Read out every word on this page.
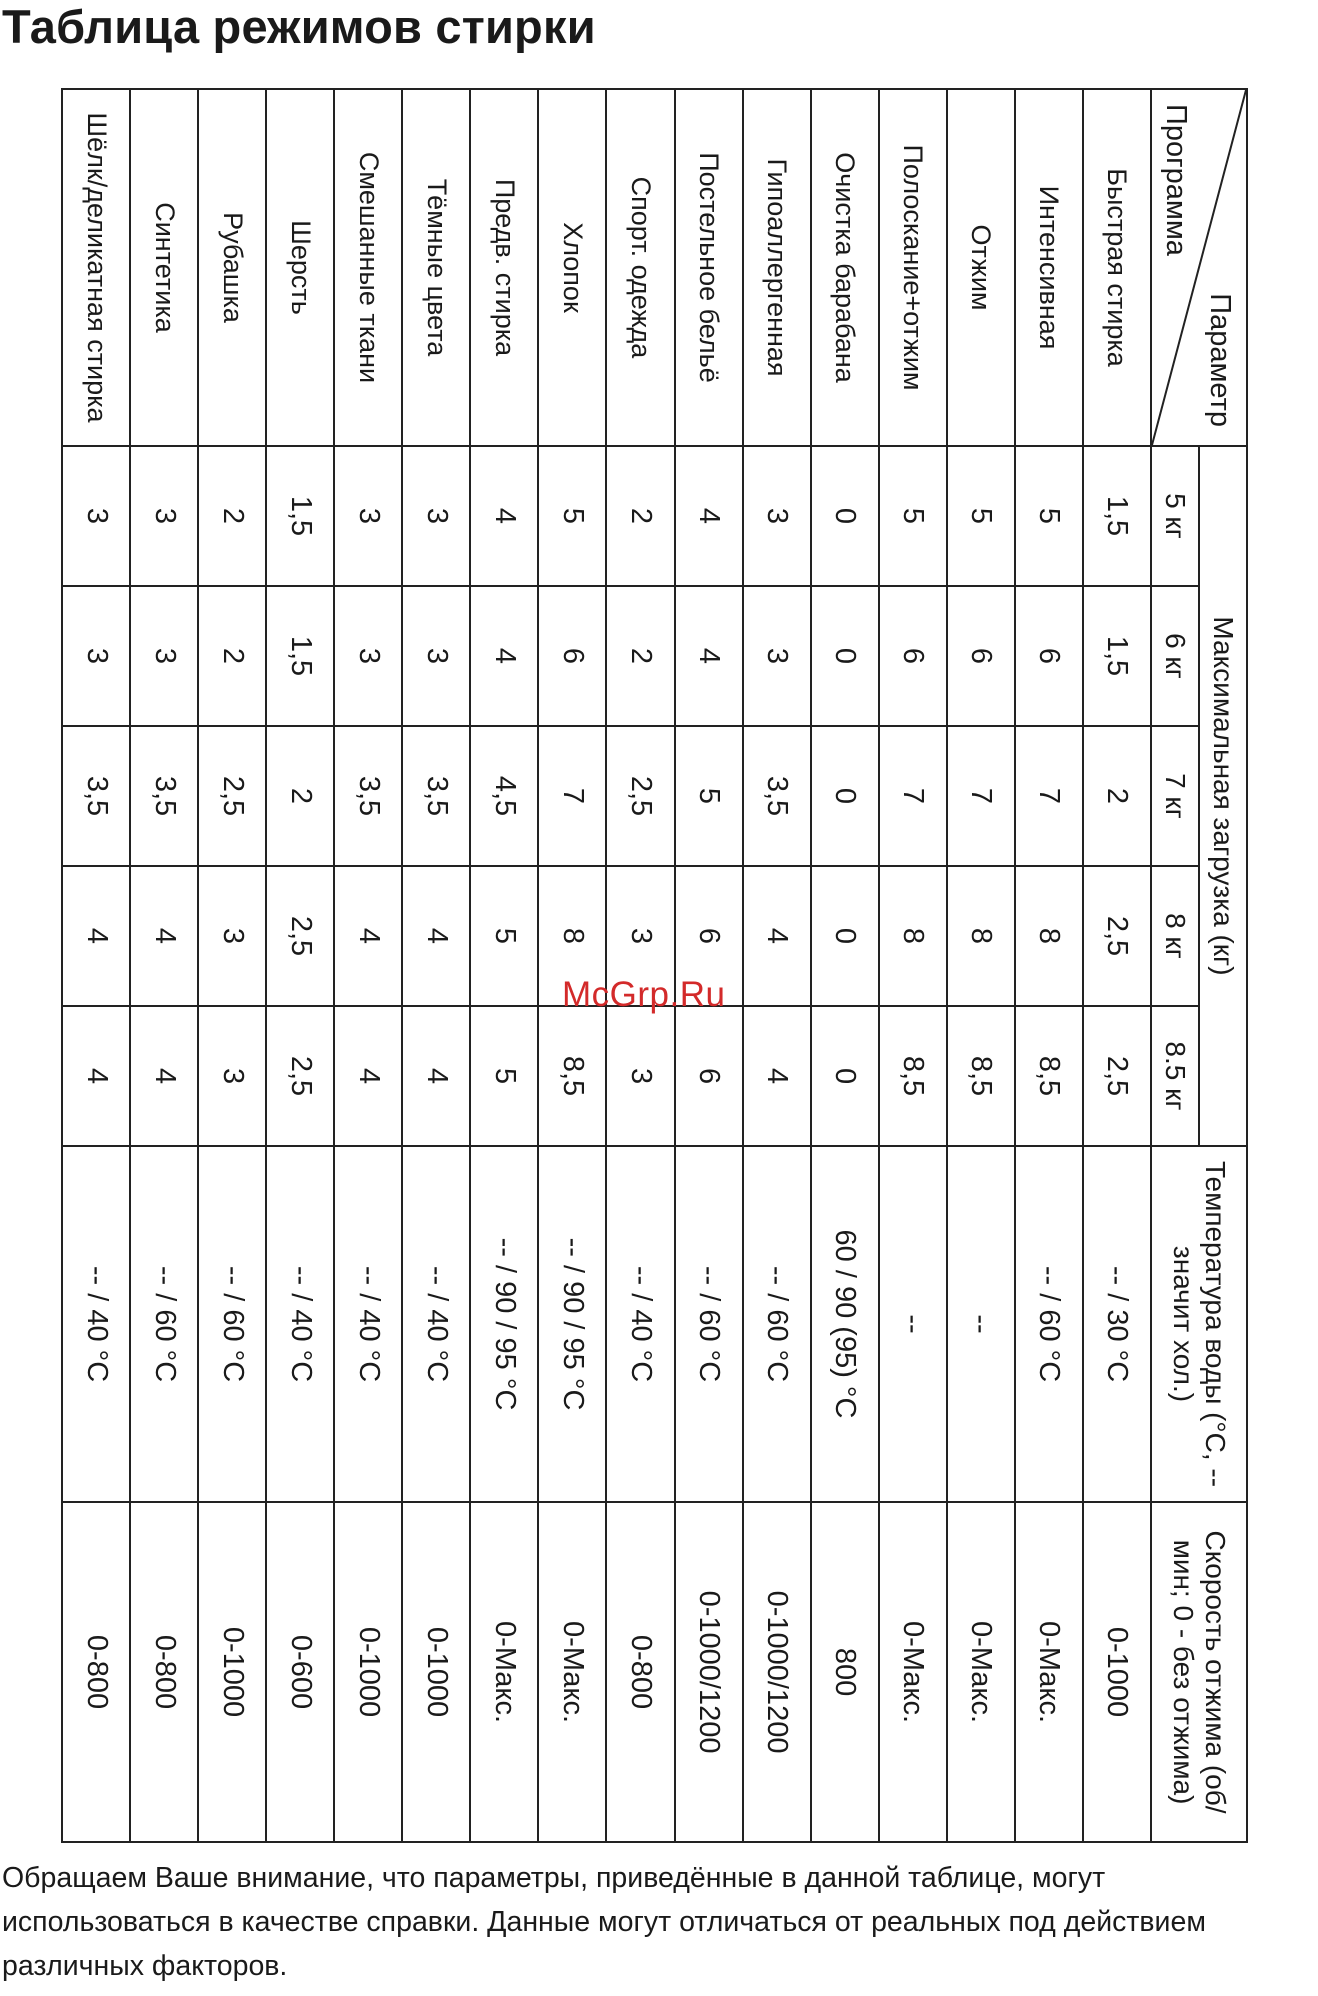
Таблица режимов стирки
Параметр
Программа	Максимальная загрузка (кг)					Температура воды (°С, -- значит хол.)	Скорость отжима (об/мин; 0 - без отжима)
	5 кг	6 кг	7 кг	8 кг	8.5 кг		
Быстрая стирка	1,5	1,5	2	2,5	2,5	-- / 30 °С	0-1000
Интенсивная	5	6	7	8	8,5	-- / 60 °С	0-Макс.
Отжим	5	6	7	8	8,5	--	0-Макс.
Полоскание+отжим	5	6	7	8	8,5	--	0-Макс.
Очистка барабана	0	0	0	0	0	60 / 90 (95) °С	800
Гипоаллергенная	3	3	3,5	4	4	-- / 60 °С	0-1000/1200
Постельное бельё	4	4	5	6	6	-- / 60 °С	0-1000/1200
Спорт. одежда	2	2	2,5	3	3	-- / 40 °С	0-800
Хлопок	5	6	7	8	8,5	-- / 90 / 95 °С	0-Макс.
Предв. стирка	4	4	4,5	5	5	-- / 90 / 95 °С	0-Макс.
Тёмные цвета	3	3	3,5	4	4	-- / 40 °С	0-1000
Смешанные ткани	3	3	3,5	4	4	-- / 40 °С	0-1000
Шерсть	1,5	1,5	2	2,5	2,5	-- / 40 °С	0-600
Рубашка	2	2	2,5	3	3	-- / 60 °С	0-1000
Синтетика	3	3	3,5	4	4	-- / 60 °С	0-800
Шёлк/деликатная стирка	3	3	3,5	4	4	-- / 40 °С	0-800
McGrp.Ru

Обращаем Ваше внимание, что параметры, приведённые в данной таблице, могут использоваться в качестве справки. Данные могут отличаться от реальных под действием различных факторов.
